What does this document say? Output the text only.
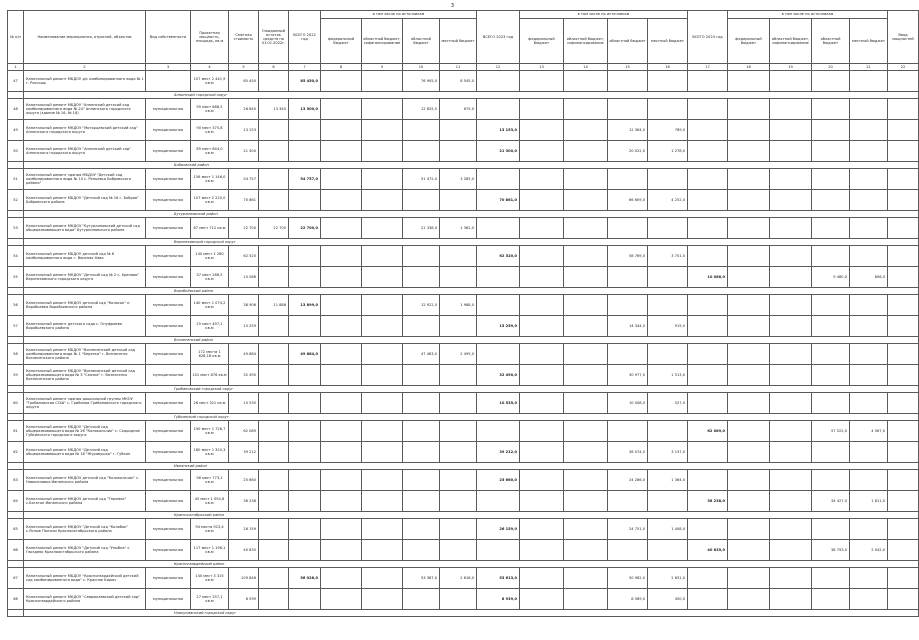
3
№ п/п	Наименование мероприятия, отраслей, объектов	Вид собственности	Проектная мощность, площадь, кв.м	Сметная стоимость	Ожидаемый остаток средств на 01.01.2022г.	ВСЕГО 2022 год	в том числе по источникам				ВСЕГО 2023 год	в том числе по источникам				ВСЕГО 2024 год	в том числе по источникам				Ввод мощностей	
							федеральный бюджет	областной бюджет, софинансирование	областной бюджет	местный бюджет		федеральный бюджет	областной бюджет, софинансирование	областной бюджет	местный бюджет		федеральный бюджет	областной бюджет, софинансирование	областной бюджет	местный бюджет		
1	2	3	4	5	6	7	8	9	10	11	12	13	14	15	16	17	18	19	20	21	22	
47	Капитальный ремонт МБДОУ д/с комбинированного вида № 1 г. Россошь		107 мест 2 441,9 кв.м	85 450		85 450,0			76 905,0	8 545,0												
	Аннинский городской округ																					
48	Капитальный ремонт МБДОУ "Аннинский детский сад комбинированного вида № 24" Аннинского городского округа (здание № 16, № 18)	муниципальная	95 мест 688,5 кв.м	26 840	13 340	13 500,0			12 825,0	675,0												
49	Капитальный ремонт МКДОУ "Моторцевский детский сад" Аннинского городского округа	муниципальная	90 мест 375,8 кв.м	13 153							13 153,0			12 364,0	789,0							
50	Капитальный ремонт МКДОУ "Аннинский детский сад" Аннинского городского округа	муниципальная	85 мест 644,0 кв.м	21 300							21 300,0			20 022,0	1 278,0							
	Бобровский район																					
51	Капитальный ремонт здания МБДОУ "Детский сад комбинированного вида № 10 с. Репьевка Бобровского района"	муниципальная	156 мест 1 146,0 кв.м	54 757		54 757,0			51 472,0	3 285,0												
52	Капитальный ремонт МБДОУ "Детский сад № 16 г. Бобров" Бобровского района	муниципальная	107 мест 2 220,0 кв.м	70 861							70 861,0			66 609,0	4 252,0							
	Бутурлиновский район																					
53	Капитальный ремонт МКДОУ "Бутурлиновский детский сад общеразвивающего вида" Бутурлиновского района	муниципальная	67 мест 712 кв.м	22 700	22 700	22 700,0			21 338,0	1 362,0												
	Верхнехавский городской округ																					
54	Капитальный ремонт МБДОУ детский сад № 6 комбинированного вида г. Верхняя Хава	муниципальная	140 мест 1 260 кв.м	62 520							62 520,0			58 769,0	3 751,0							
55	Капитальный ремонт МКДОУ "Детский сад № 2 с. Хреново" Верхнехавского городского округа	муниципальная	37 мест 286,5 кв.м	10 086												10 086,0			9 480,0	606,0		
	Воробьёвский район																					
56	Капитальный ремонт МКДОУ детский сад "Колосок" п. Воробьевка Воробьевского района	муниципальная	140 мест 1 074,2 кв.м	38 906	11 886	13 899,0			12 922,0	1 988,0												
57	Капитальный ремонт детского сада с. Онуфриево Воробьевского района	муниципальная	25 мест 497,1 кв.м	15 259							15 259,0			14 344,0	915,0							
	Вознесенский район																					
58	Капитальный ремонт МБДОУ "Вознесенский детский сад комбинированного вида № 1 "Березка" г. Вознесенск Вознесенского района	муниципальная	172 места 1 628,18 кв.м	49 884		49 884,0			47 463,0	2 495,0												
59	Капитальный ремонт МБДОУ "Вознесенский детский сад общеразвивающего вида № 3 "Сказка" г. Вознесенск Вознесенского района	муниципальная	101 мест 876 кв.м	32 490							32 490,0			30 977,0	1 513,0							
	Грибановский городской округ																					
60	Капитальный ремонт здания дошкольной группы МКОУ "Грибановская СОШ" с. Грибанов Грибановского городского округа	муниципальная	26 мест 321 кв.м	10 535							10 535,0			10 008,0	527,0							
	Губкинский городской округ																					
61	Капитальный ремонт МБДОУ "Детский сад общеразвивающего вида № 26 "Колокольчик" с. Скородное Губкинского городского округа	муниципальная	190 мест 1 728,7 кв.м	62 089												62 089,0			57 522,0	4 567,0		
62	Капитальный ремонт МБДОУ "Детский сад общеразвивающего вида № 16 "Журавушка" г. Губкин	муниципальная	180 мест 1 320,3 кв.м	39 212							39 212,0			36 074,0	3 137,0							
	Ивнянский район																					
63	Капитальный ремонт МКДОУ детский сад "Колокольчик" с. Новоселовка Ивнянского района	муниципальная	96 мест 773,1 кв.м	25 660							25 660,0			24 286,0	1 364,0							
64	Капитальный ремонт МКДОУ детский сад "Теремок" с.Богатое Ивнянского района	муниципальная	45 мест 1 054,8 кв.м	36 238												36 238,0			34 427,0	1 811,0		
	Краснооктябрьский район																					
65	Капитальный ремонт МКДОУ "Детский сад "Колобок" с.Ясные Поляны Краснооктябрьского района	муниципальная	94 места 923,4 кв.м	26 159							26 159,0			24 751,0	1 408,0							
66	Капитальный ремонт МКДОУ "Детский сад "Улыбка" с. Гвоздево Краснооктябрьского района	муниципальная	117 мест 1 196,1 кв.м	40 835												40 835,0			38 793,0	2 042,0		
	Красногвардейский район																					
67	Капитальный ремонт МБДОУ "Красногвардейский детский сад комбинированного вида" с. Красное Бирюч	муниципальная	140 мест 3 315 кв.м	109 846		56 028,0			53 387,0	2 816,0	53 613,0			50 982,0	2 631,0							
68	Капитальный ремонт МКДОУ "Севрюкаевский детский сад" Красногвардейского района	муниципальная	27 мест 257,1 кв.м	8 939							8 939,0			8 589,0	450,0							
	Новоусманский городской округ																					
